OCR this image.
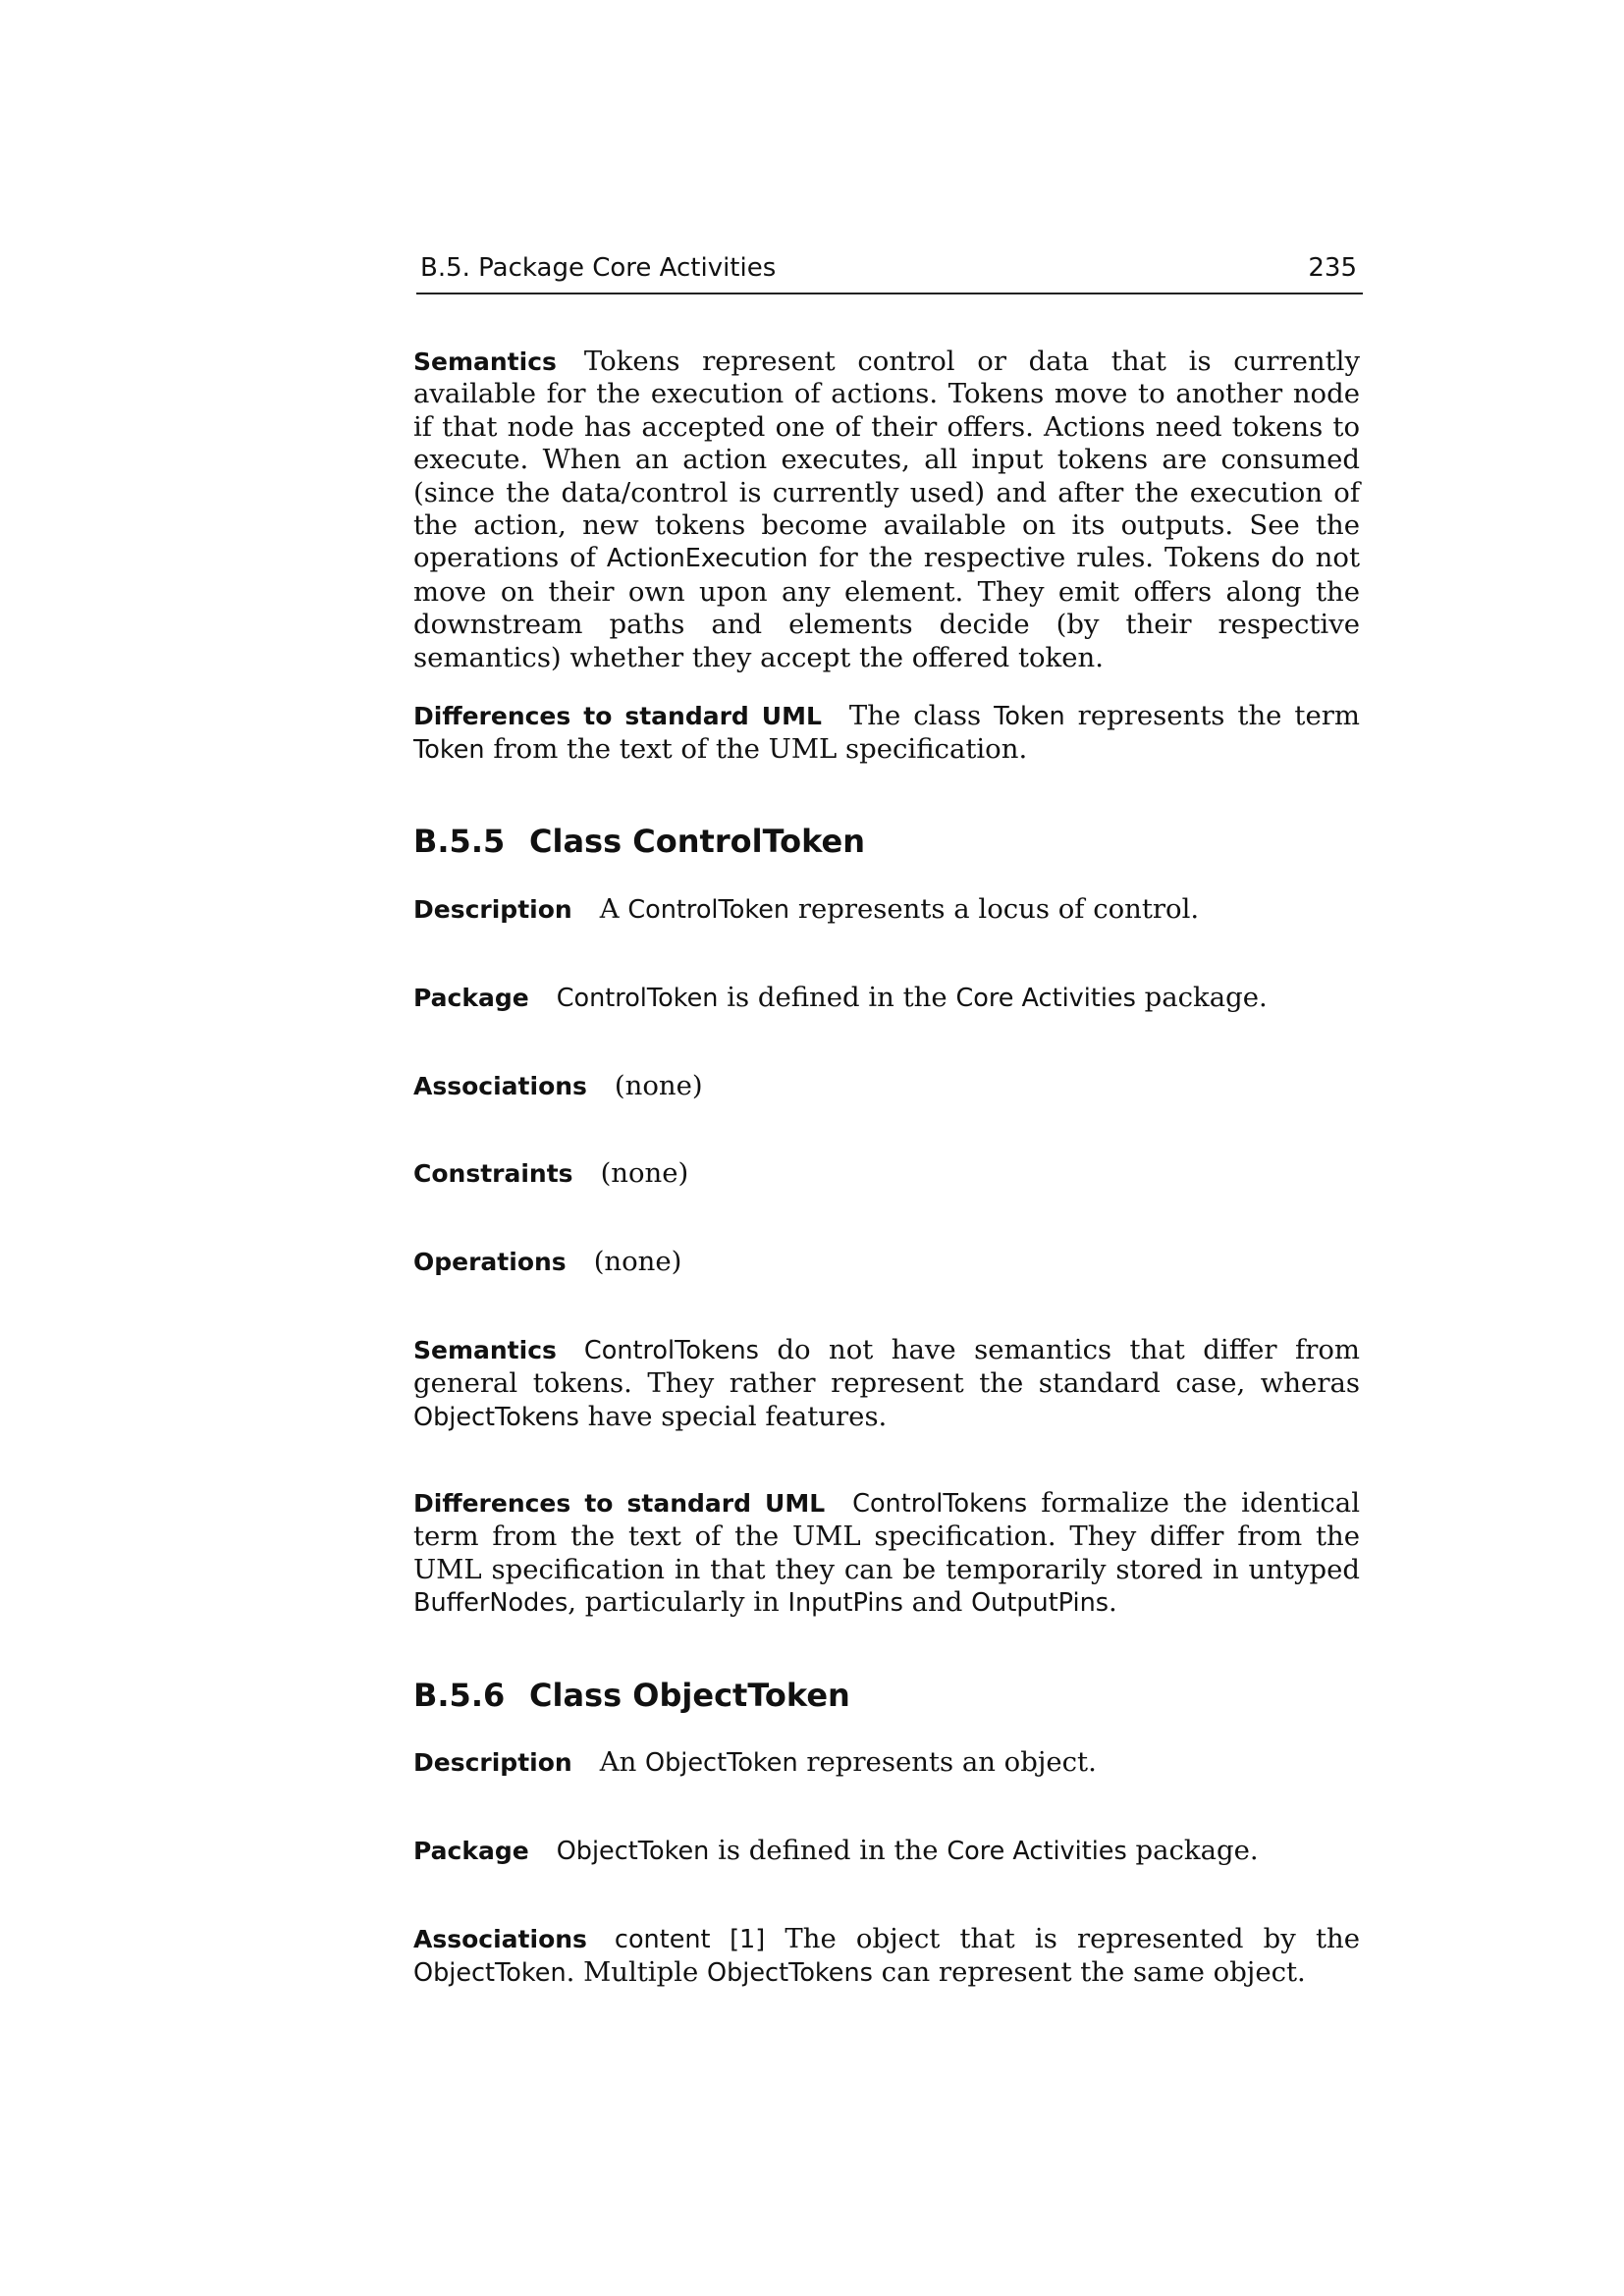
B.5. Package Core Activities	235

Semantics Tokens represent control or data that is currently available for the execution of actions. Tokens move to another node if that node has accepted one of their offers. Actions need tokens to execute. When an action executes, all input tokens are consumed (since the data/control is currently used) and after the execution of the action, new tokens become available on its outputs. See the operations of ActionExecution for the respective rules. Tokens do not move on their own upon any element. They emit offers along the downstream paths and elements decide (by their respective semantics) whether they accept the offered token.

Differences to standard UML The class Token represents the term Token from the text of the UML specification.

B.5.5 Class ControlToken

Description A ControlToken represents a locus of control.

Package ControlToken is defined in the Core Activities package.

Associations (none)

Constraints (none)

Operations (none)

Semantics ControlTokens do not have semantics that differ from general tokens. They rather represent the standard case, wheras ObjectTokens have special features.

Differences to standard UML ControlTokens formalize the identical term from the text of the UML specification. They differ from the UML specification in that they can be temporarily stored in untyped BufferNodes, particularly in InputPins and OutputPins.

B.5.6 Class ObjectToken

Description An ObjectToken represents an object.

Package ObjectToken is defined in the Core Activities package.

Associations content [1] The object that is represented by the ObjectToken. Multiple ObjectTokens can represent the same object.
